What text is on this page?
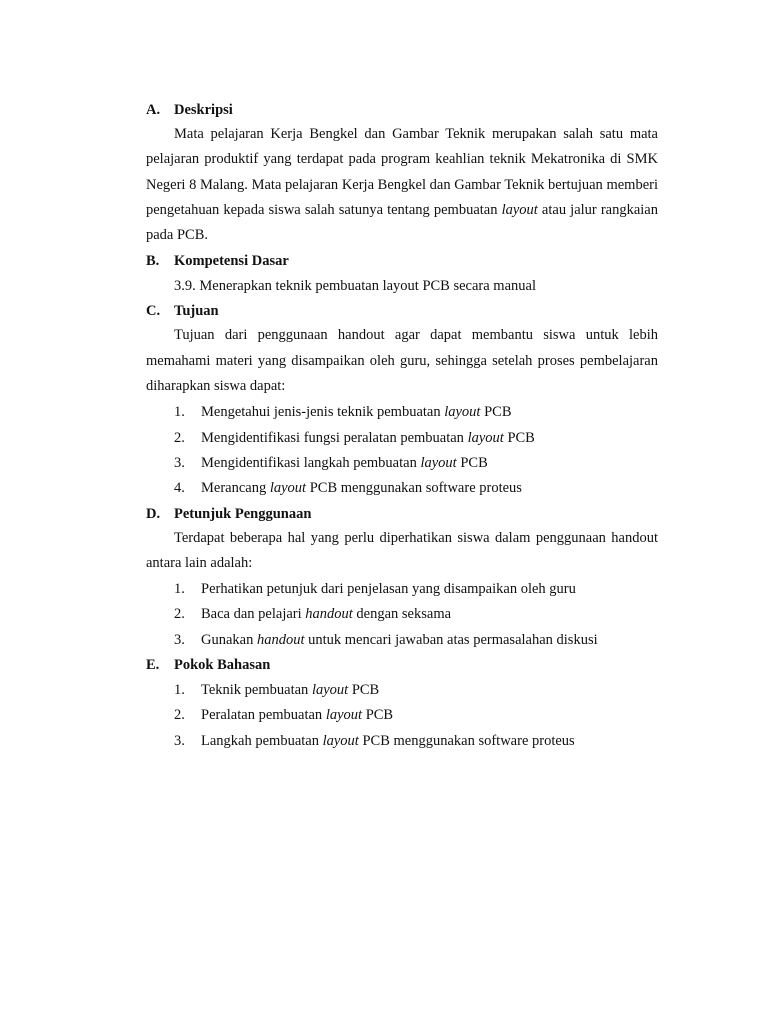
A. Deskripsi

Mata pelajaran Kerja Bengkel dan Gambar Teknik merupakan salah satu mata pelajaran produktif yang terdapat pada program keahlian teknik Mekatronika di SMK Negeri 8 Malang. Mata pelajaran Kerja Bengkel dan Gambar Teknik bertujuan memberi pengetahuan kepada siswa salah satunya tentang pembuatan layout atau jalur rangkaian pada PCB.

B. Kompetensi Dasar
3.9. Menerapkan teknik pembuatan layout PCB secara manual
C. Tujuan

Tujuan dari penggunaan handout agar dapat membantu siswa untuk lebih memahami materi yang disampaikan oleh guru, sehingga setelah proses pembelajaran diharapkan siswa dapat:

1. Mengetahui jenis-jenis teknik pembuatan layout PCB
2. Mengidentifikasi fungsi peralatan pembuatan layout PCB
3. Mengidentifikasi langkah pembuatan layout PCB
4. Merancang layout PCB menggunakan software proteus
D. Petunjuk Penggunaan

Terdapat beberapa hal yang perlu diperhatikan siswa dalam penggunaan handout antara lain adalah:

1. Perhatikan petunjuk dari penjelasan yang disampaikan oleh guru
2. Baca dan pelajari handout dengan seksama
3. Gunakan handout untuk mencari jawaban atas permasalahan diskusi
E. Pokok Bahasan
1. Teknik pembuatan layout PCB
2. Peralatan pembuatan layout PCB
3. Langkah pembuatan layout PCB menggunakan software proteus
